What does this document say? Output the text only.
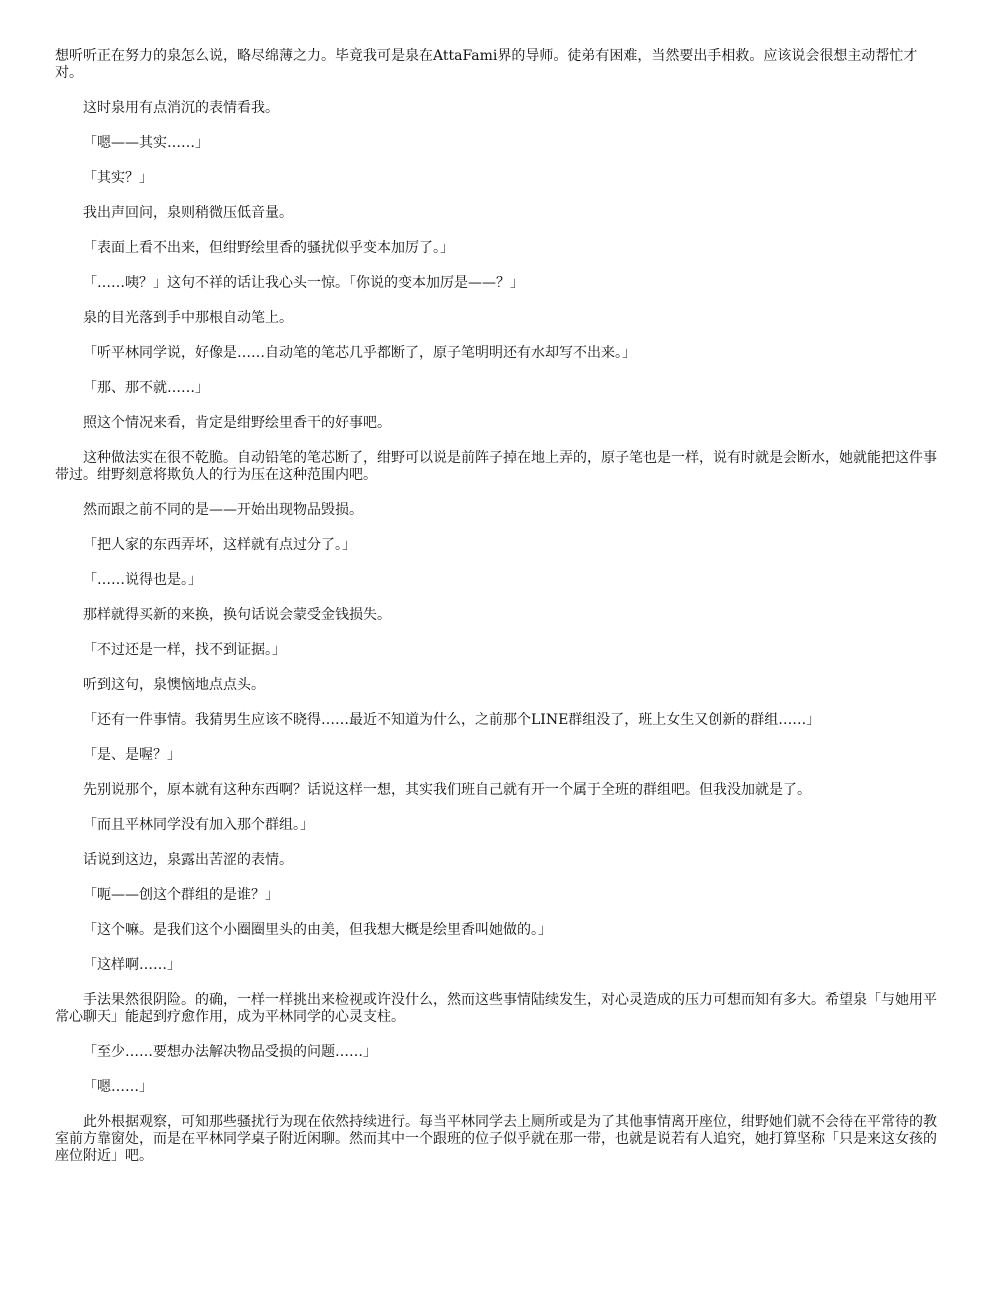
想听听正在努力的泉怎么说，略尽绵薄之力。毕竟我可是泉在AttaFami界的导师。徒弟有困难，当然要出手相救。应该说会很想主动帮忙才对。

这时泉用有点消沉的表情看我。

「嗯——其实……」

「其实？」

我出声回问，泉则稍微压低音量。

「表面上看不出来，但绀野绘里香的骚扰似乎变本加厉了。」

「……咦？」这句不祥的话让我心头一惊。「你说的变本加厉是——？」

泉的目光落到手中那根自动笔上。

「听平林同学说，好像是……自动笔的笔芯几乎都断了，原子笔明明还有水却写不出来。」

「那、那不就……」

照这个情况来看，肯定是绀野绘里香干的好事吧。

这种做法实在很不乾脆。自动铅笔的笔芯断了，绀野可以说是前阵子掉在地上弄的，原子笔也是一样，说有时就是会断水，她就能把这件事带过。绀野刻意将欺负人的行为压在这种范围内吧。

然而跟之前不同的是——开始出现物品毁损。

「把人家的东西弄坏，这样就有点过分了。」

「……说得也是。」

那样就得买新的来换，换句话说会蒙受金钱损失。

「不过还是一样，找不到证据。」

听到这句，泉懊恼地点点头。

「还有一件事情。我猜男生应该不晓得……最近不知道为什么，之前那个LINE群组没了，班上女生又创新的群组……」

「是、是喔？」

先别说那个，原本就有这种东西啊？话说这样一想，其实我们班自己就有开一个属于全班的群组吧。但我没加就是了。

「而且平林同学没有加入那个群组。」

话说到这边，泉露出苦涩的表情。

「呃——创这个群组的是谁？」

「这个嘛。是我们这个小圈圈里头的由美，但我想大概是绘里香叫她做的。」

「这样啊……」

手法果然很阴险。的确，一样一样挑出来检视或许没什么，然而这些事情陆续发生，对心灵造成的压力可想而知有多大。希望泉「与她用平常心聊天」能起到疗愈作用，成为平林同学的心灵支柱。

「至少……要想办法解决物品受损的问题……」

「嗯……」

此外根据观察，可知那些骚扰行为现在依然持续进行。每当平林同学去上厕所或是为了其他事情离开座位，绀野她们就不会待在平常待的教室前方靠窗处，而是在平林同学桌子附近闲聊。然而其中一个跟班的位子似乎就在那一带，也就是说若有人追究，她打算坚称「只是来这女孩的座位附近」吧。
